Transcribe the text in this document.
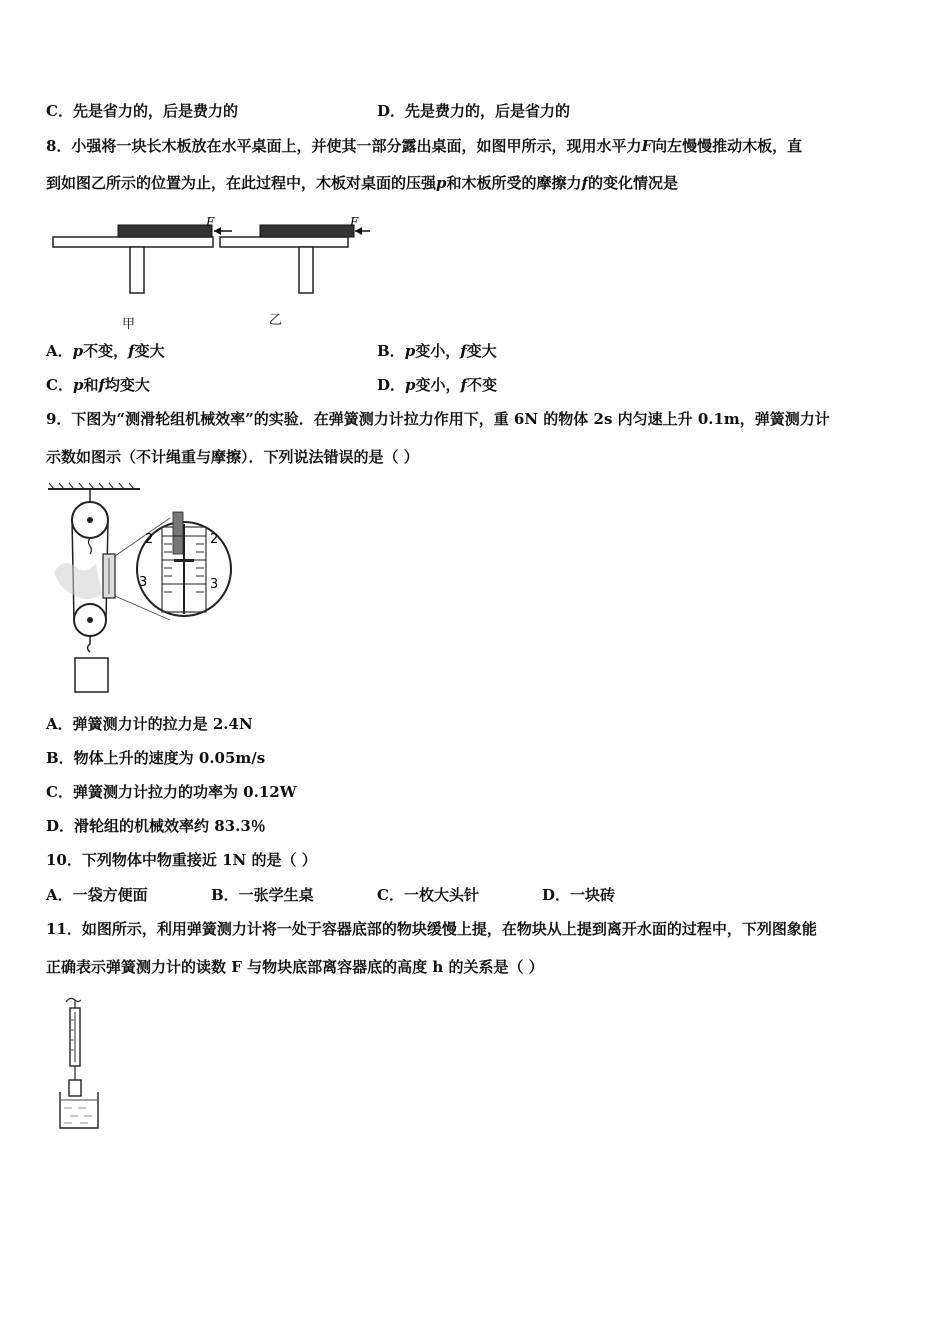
C．先是省力的，后是费力的	D．先是费力的，后是省力的
8．小强将一块长木板放在水平桌面上，并使其一部分露出桌面，如图甲所示，现用水平力F向左慢慢推动木板，直
到如图乙所示的位置为止，在此过程中，木板对桌面的压强p和木板所受的摩擦力f的变化情况是
F	F
甲	乙
A．p不变，f变大	B．p变小，f变大
C．p和f均变大	D．p变小，f不变
9．下图为“测滑轮组机械效率”的实验．在弹簧测力计拉力作用下，重 6N 的物体 2s 内匀速上升 0.1m，弹簧测力计
示数如图示（不计绳重与摩擦）．下列说法错误的是（ ）
2	2
3	3
A．弹簧测力计的拉力是 2.4N
B．物体上升的速度为 0.05m/s
C．弹簧测力计拉力的功率为 0.12W
D．滑轮组的机械效率约 83.3％
10．下列物体中物重接近 1N 的是（ ）
A．一袋方便面	B．一张学生桌	C．一枚大头针	D．一块砖
11．如图所示，利用弹簧测力计将一处于容器底部的物块缓慢上提，在物块从上提到离开水面的过程中，下列图象能
正确表示弹簧测力计的读数 F 与物块底部离容器底的高度 h 的关系是（ ）
